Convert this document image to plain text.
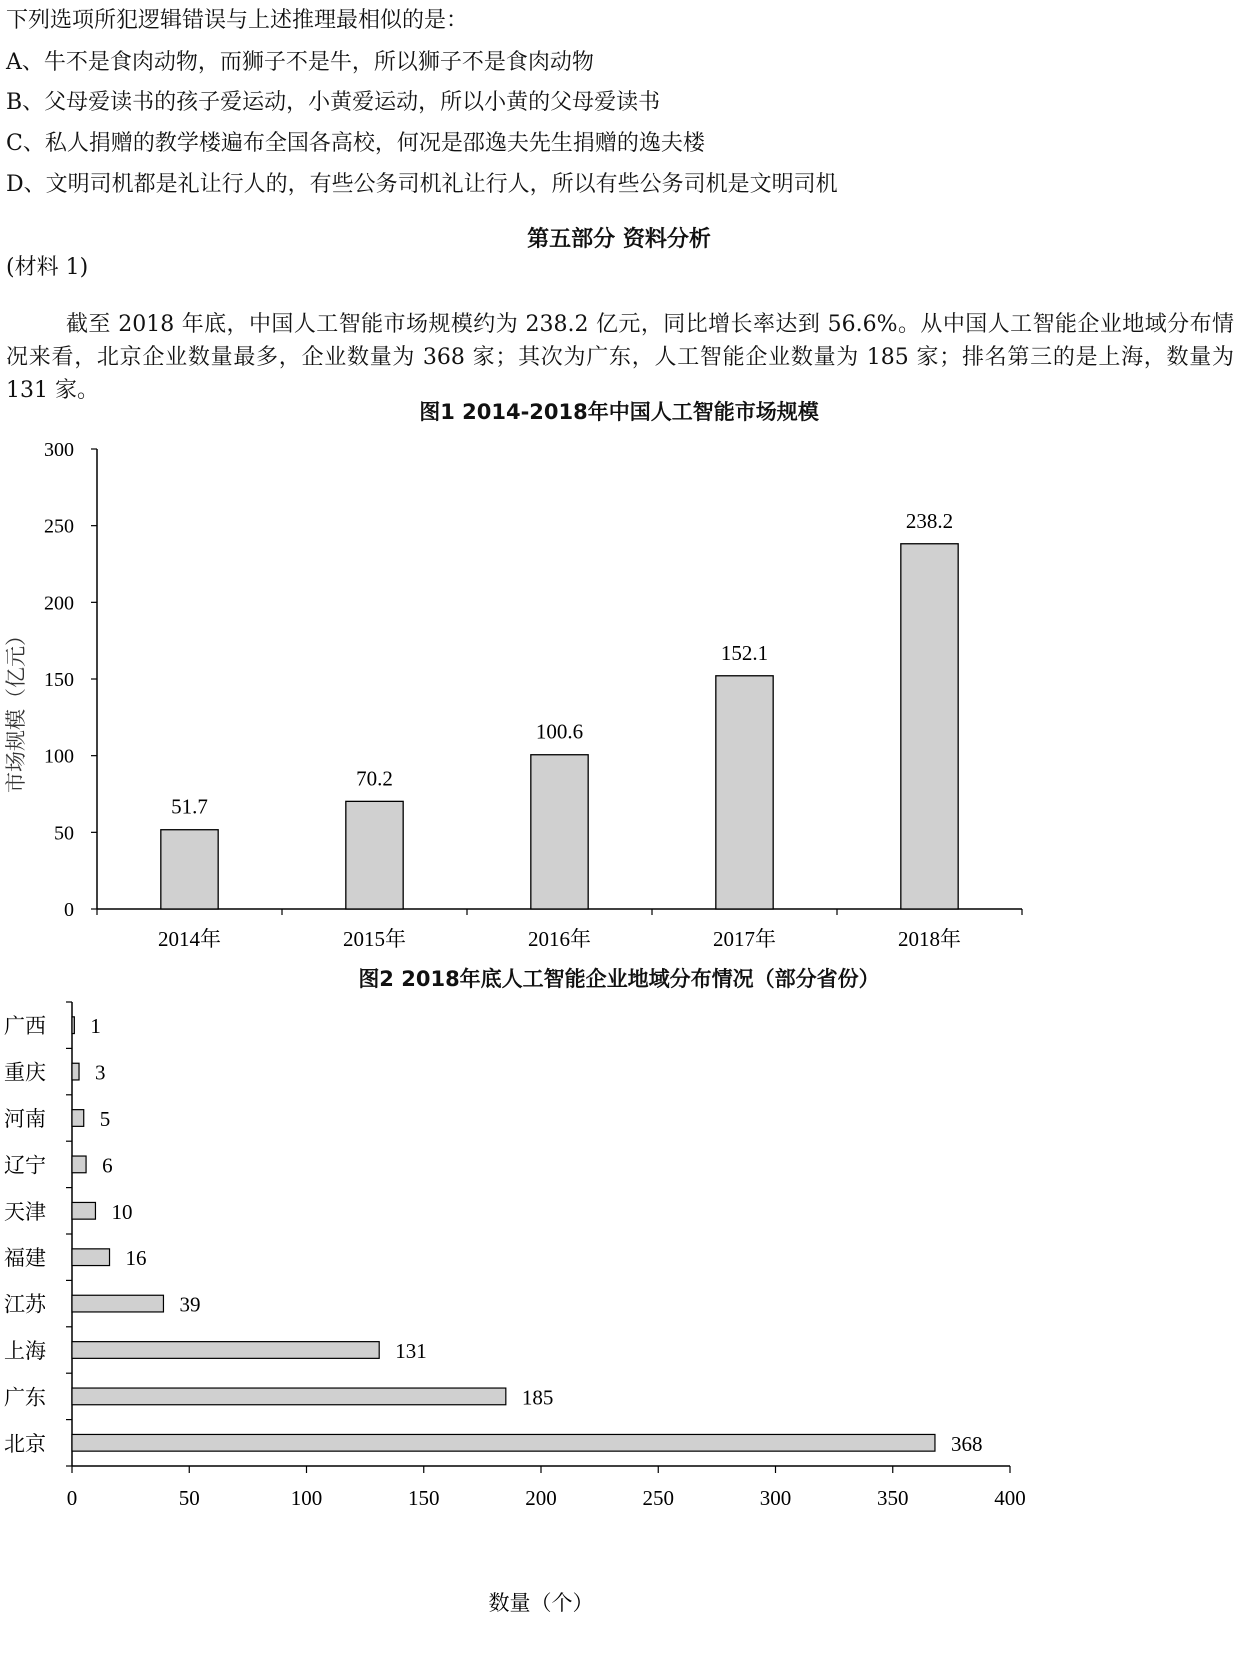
下列选项所犯逻辑错误与上述推理最相似的是：
A、牛不是食肉动物，而狮子不是牛，所以狮子不是食肉动物
B、父母爱读书的孩子爱运动，小黄爱运动，所以小黄的父母爱读书
C、私人捐赠的教学楼遍布全国各高校，何况是邵逸夫先生捐赠的逸夫楼
D、文明司机都是礼让行人的，有些公务司机礼让行人，所以有些公务司机是文明司机
第五部分 资料分析
(材料 1)
截至 2018 年底，中国人工智能市场规模约为 238.2 亿元，同比增长率达到 56.6%。从中国人工智能企业地域分布情况来看，北京企业数量最多，企业数量为 368 家；其次为广东，人工智能企业数量为 185 家；排名第三的是上海，数量为 131 家。
图1 2014-2018年中国人工智能市场规模
0
50
100
150
200
250
300
51.7
2014年
70.2
2015年
100.6
2016年
152.1
2017年
238.2
2018年
市场规模（亿元）
图2 2018年底人工智能企业地域分布情况（部分省份）
0	50	100	150	200	250	300	350	400
1
广西
3
重庆
5
河南
6
辽宁
10
天津
16
福建
39
江苏
131
上海
185
广东
368
北京
数量（个）
